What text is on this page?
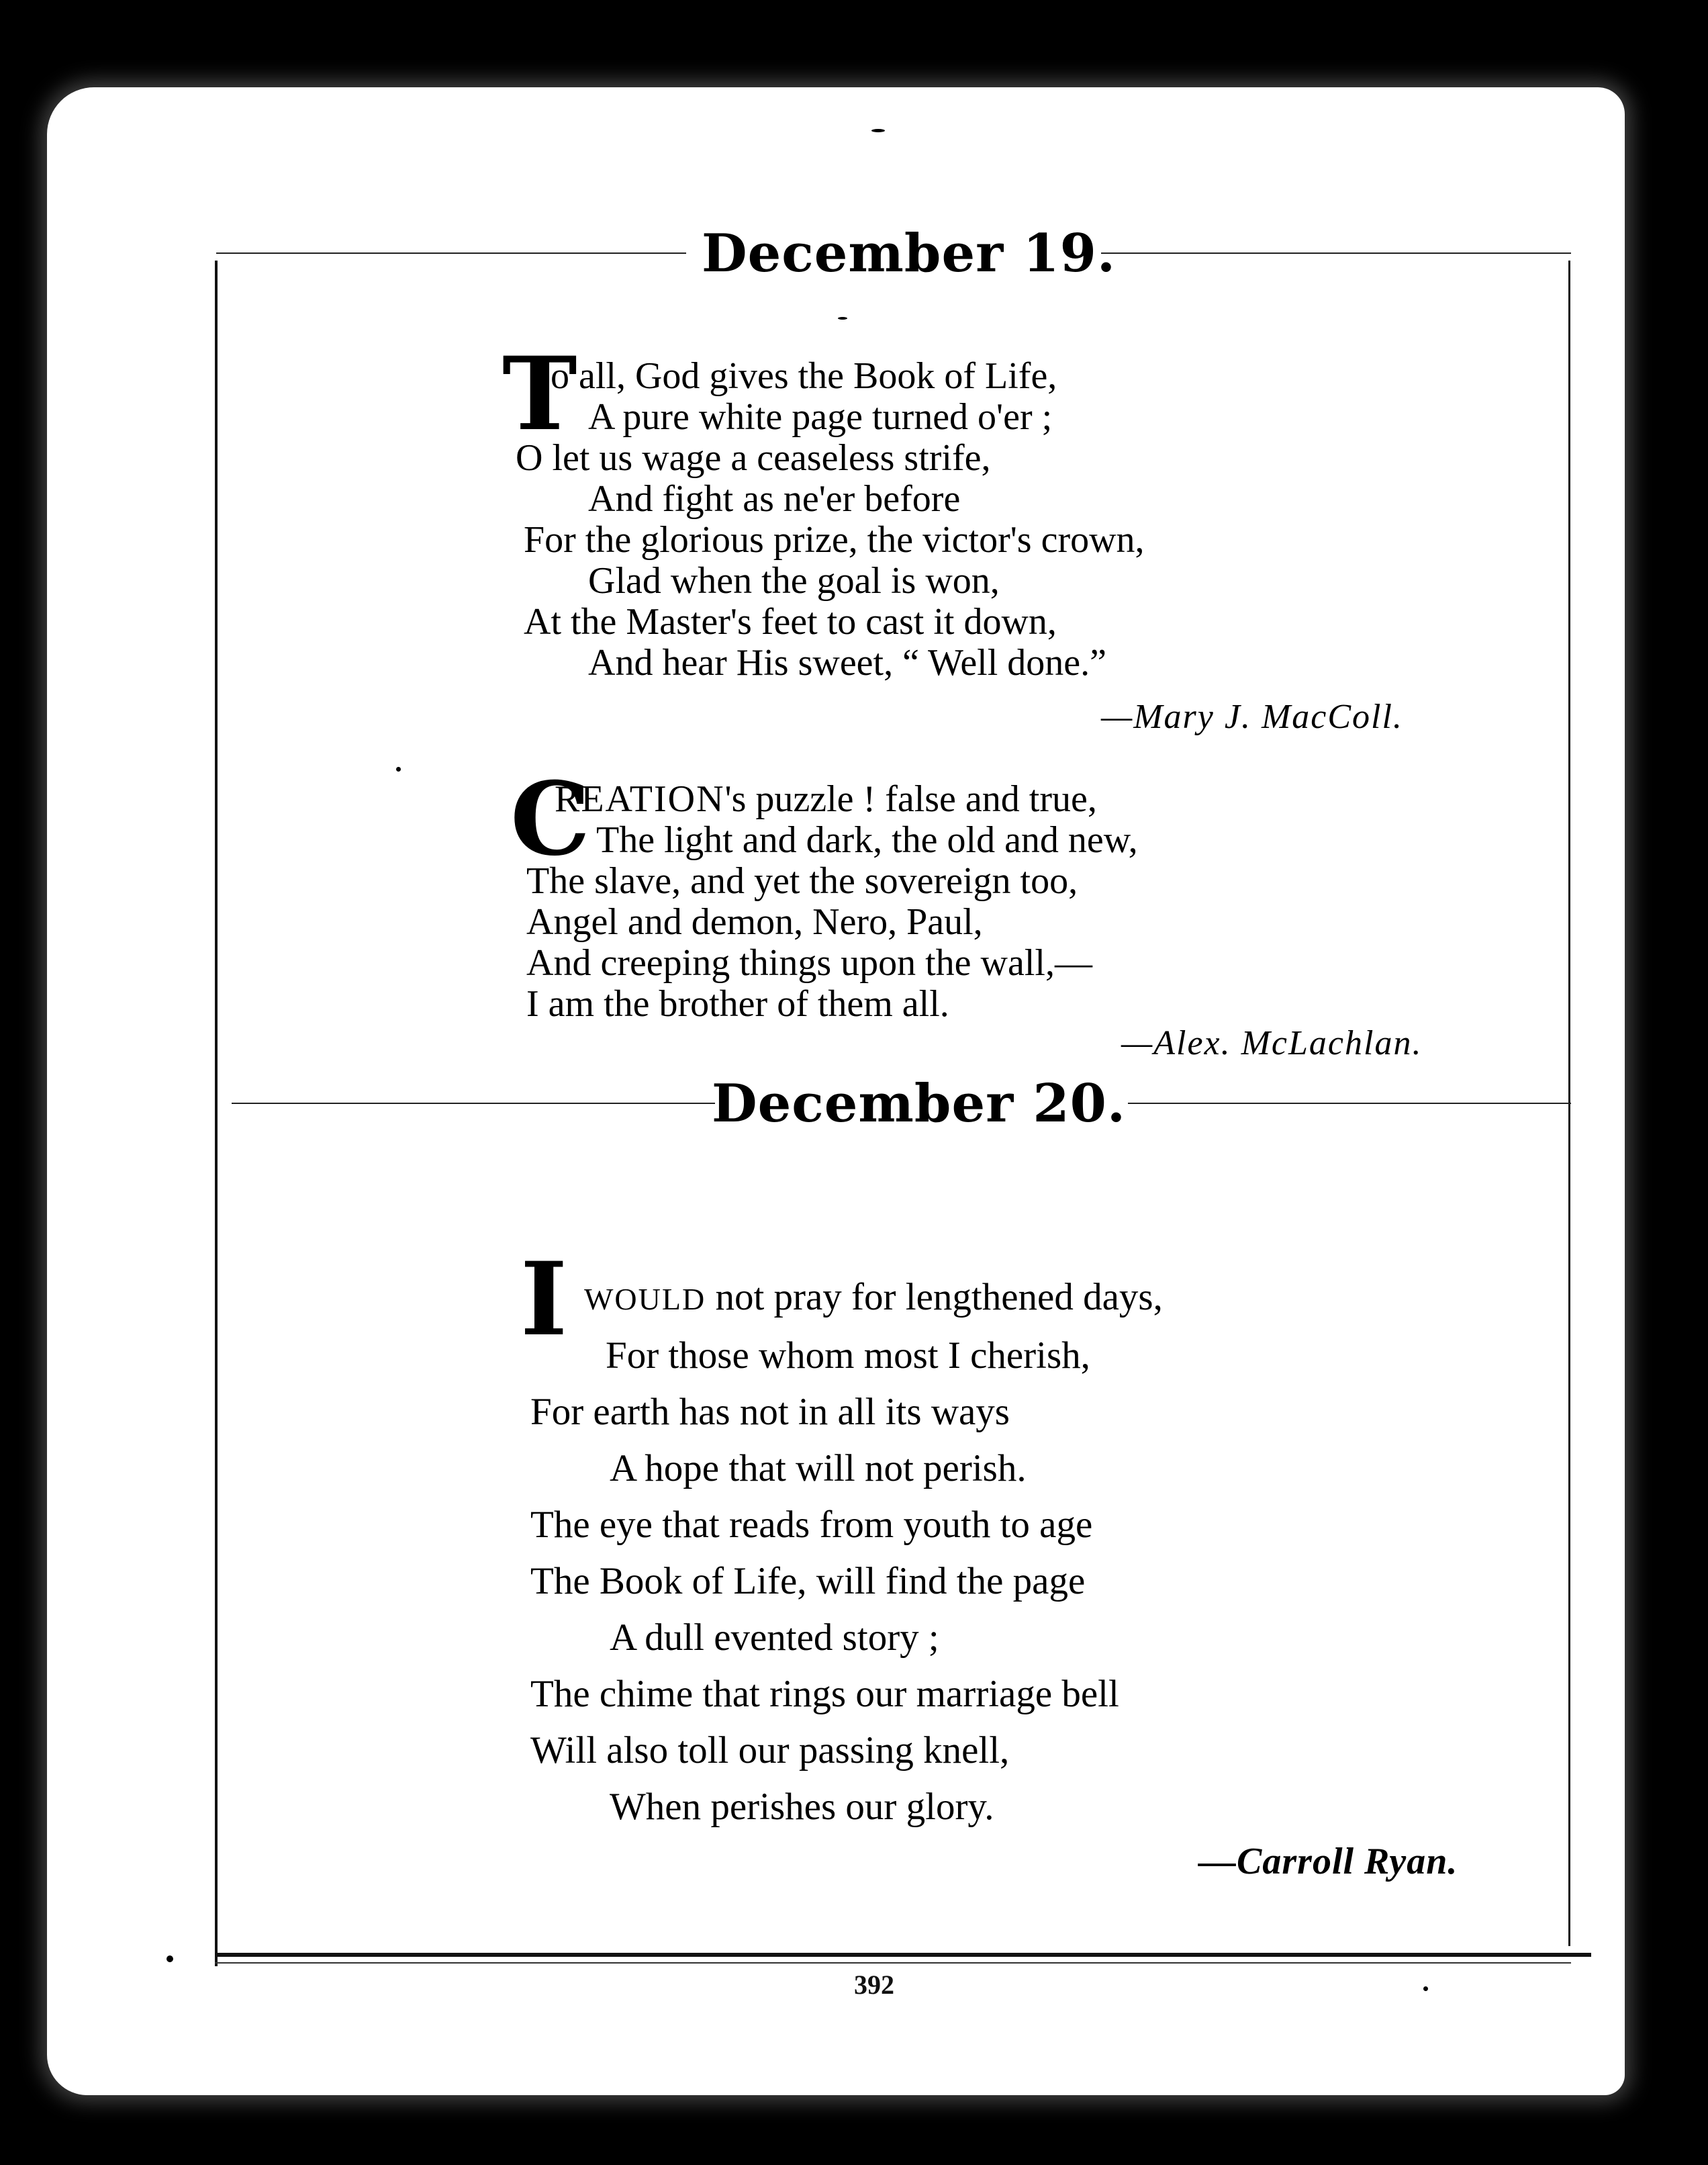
December 19.
T
o all, God gives the Book of Life,
A pure white page turned o'er ;
O let us wage a ceaseless strife,
And fight as ne'er before
For the glorious prize, the victor's crown,
Glad when the goal is won,
At the Master's feet to cast it down,
And hear His sweet, “ Well done.”
—Mary J. MacColl.
C
REATION's puzzle ! false and true,
The light and dark, the old and new,
The slave, and yet the sovereign too,
Angel and demon, Nero, Paul,
And creeping things upon the wall,—
I am the brother of them all.
—Alex. McLachlan.
December 20.
I WOULD not pray for lengthened days,
For those whom most I cherish,
For earth has not in all its ways
A hope that will not perish.
The eye that reads from youth to age
The Book of Life, will find the page
A dull evented story ;
The chime that rings our marriage bell
Will also toll our passing knell,
When perishes our glory.
—Carroll Ryan.
392
